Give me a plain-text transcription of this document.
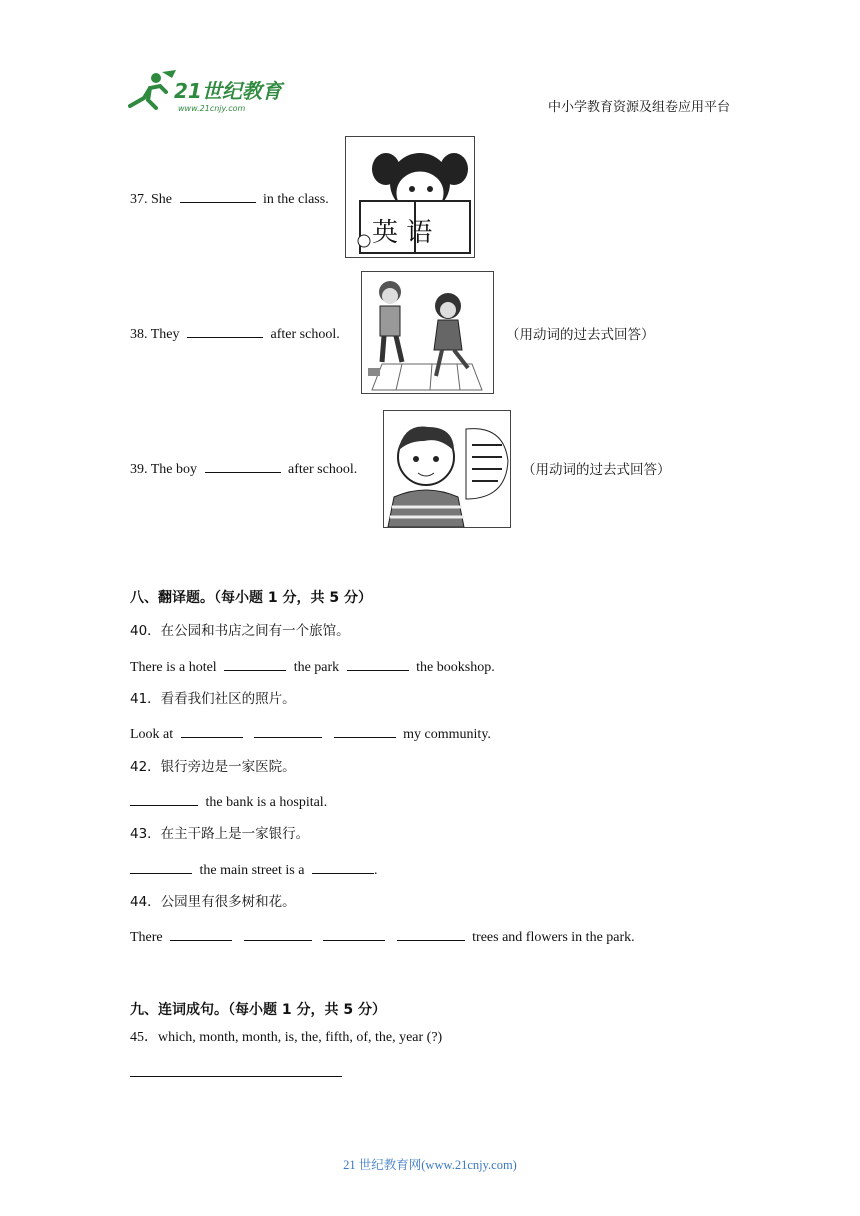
21世纪教育
www.21cnjy.com	中小学教育资源及组卷应用平台
37. She	in the class.
英 语
38. They	after school.	（用动词的过去式回答）
39. The boy	after school.	（用动词的过去式回答）
八、翻译题。（每小题 1 分，共 5 分）
40．在公园和书店之间有一个旅馆。
There is a hotel	the park	the bookshop.
41．看看我们社区的照片。
Look at	my community.
42．银行旁边是一家医院。
the bank is a hospital.
43．在主干路上是一家银行。
the main street is a	.
44．公园里有很多树和花。
There	trees and flowers in the park.
九、连词成句。（每小题 1 分，共 5 分）
45．which, month, month, is, the, fifth, of, the, year (?)
21 世纪教育网(www.21cnjy.com)
